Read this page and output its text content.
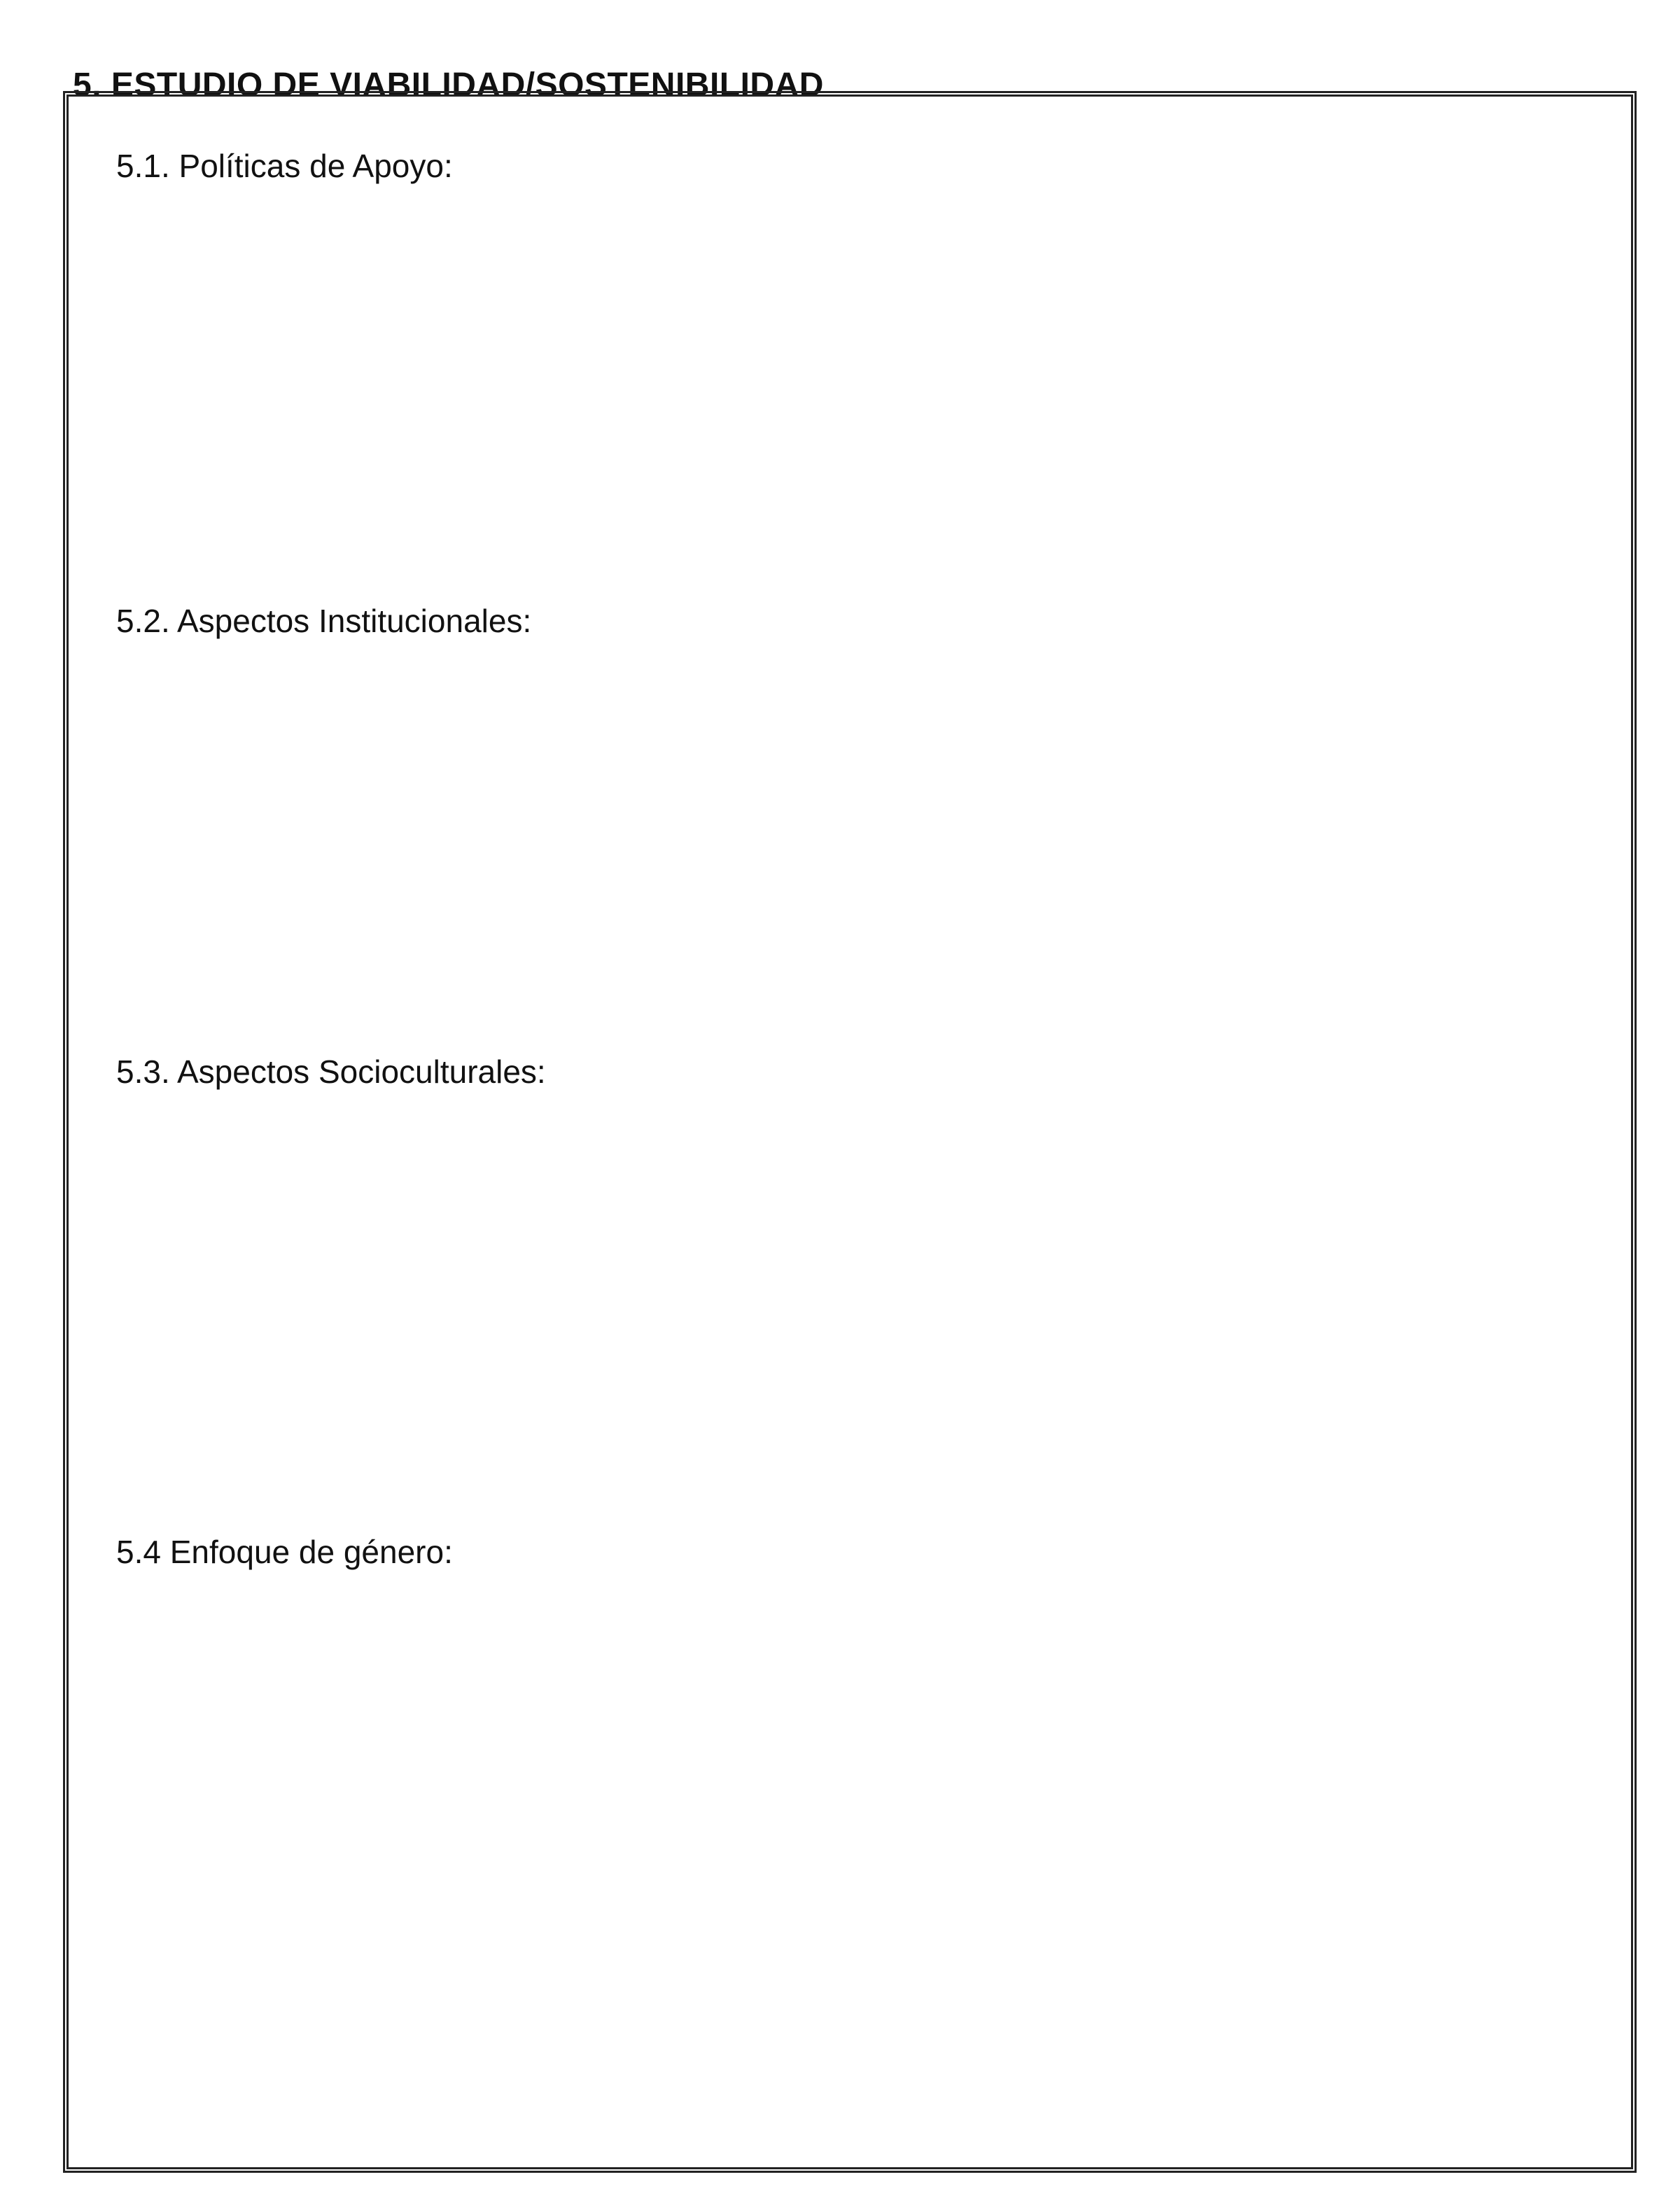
5. ESTUDIO DE VIABILIDAD/SOSTENIBILIDAD
5.1. Políticas de Apoyo:
5.2. Aspectos Institucionales:
5.3. Aspectos Socioculturales:
5.4 Enfoque de género:
